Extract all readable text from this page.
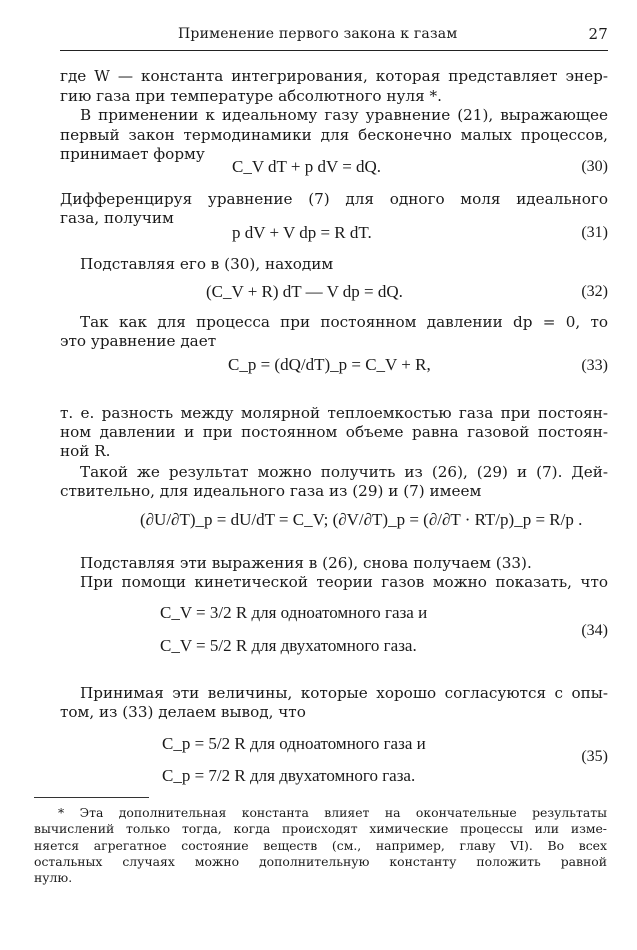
Применение первого закона к газам	27
где W — константа интегрирования, которая представляет энер-
гию газа при температуре абсолютного нуля *.
В применении к идеальному газу уравнение (21), выражающее
первый закон термодинамики для бесконечно малых процессов,
принимает форму
C_V dT + p dV = dQ.	(30)
Дифференцируя уравнение (7) для одного моля идеального
газа, получим
p dV + V dp = R dT.	(31)
Подставляя его в (30), находим
(C_V + R) dT — V dp = dQ.	(32)
Так как для процесса при постоянном давлении dp = 0, то
это уравнение дает
C_p = (dQ/dT)_p = C_V + R,	(33)
т. е. разность между молярной теплоемкостью газа при постоян-
ном давлении и при постоянном объеме равна газовой постоян-
ной R.
Такой же результат можно получить из (26), (29) и (7). Дей-
ствительно, для идеального газа из (29) и (7) имеем
(∂U/∂T)_p = dU/dT = C_V; (∂V/∂T)_p = (∂/∂T · RT/p)_p = R/p .
Подставляя эти выражения в (26), снова получаем (33).
При помощи кинетической теории газов можно показать, что
C_V = 3/2 R для одноатомного газа и
C_V = 5/2 R для двухатомного газа.
(34)
Принимая эти величины, которые хорошо согласуются с опы-
том, из (33) делаем вывод, что
C_p = 5/2 R для одноатомного газа и
C_p = 7/2 R для двухатомного газа.
(35)
* Эта дополнительная константа влияет на окончательные результаты
вычислений только тогда, когда происходят химические процессы или изме-
няется агрегатное состояние веществ (см., например, главу VI). Во всех
остальных случаях можно дополнительную константу положить равной
нулю.
